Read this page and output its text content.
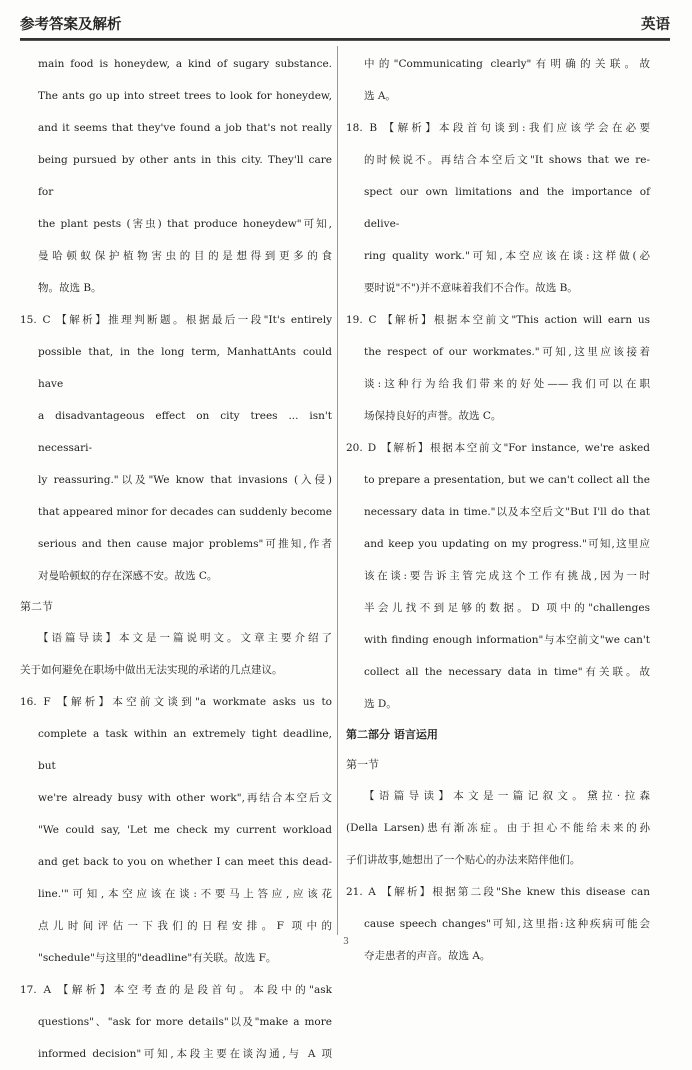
参考答案及解析	英语

main food is honeydew, a kind of sugary substance.

The ants go up into street trees to look for honeydew,

and it seems that they've found a job that's not really

being pursued by other ants in this city. They'll care for

the plant pests (害虫) that produce honeydew"可知,

曼哈顿蚁保护植物害虫的目的是想得到更多的食

物。故选 B。

15. C 【解析】推理判断题。根据最后一段"It's entirely

possible that, in the long term, ManhattAnts could have

a disadvantageous effect on city trees ... isn't necessari-

ly reassuring."以及"We know that invasions (入侵)

that appeared minor for decades can suddenly become

serious and then cause major problems"可推知,作者

对曼哈顿蚁的存在深感不安。故选 C。

第二节

【语篇导读】本文是一篇说明文。文章主要介绍了

关于如何避免在职场中做出无法实现的承诺的几点建议。

16. F 【解析】本空前文谈到"a workmate asks us to

complete a task within an extremely tight deadline, but

we're already busy with other work",再结合本空后文

"We could say, 'Let me check my current workload

and get back to you on whether I can meet this dead-

line.'"可知,本空应该在谈:不要马上答应,应该花

点儿时间评估一下我们的日程安排。F 项中的

"schedule"与这里的"deadline"有关联。故选 F。

17. A 【解析】本空考查的是段首句。本段中的"ask

questions"、"ask for more details"以及"make a more

informed decision"可知,本段主要在谈沟通,与 A 项

中的"Communicating clearly"有明确的关联。故

选 A。

18. B 【解析】本段首句谈到:我们应该学会在必要

的时候说不。再结合本空后文"It shows that we re-

spect our own limitations and the importance of delive-

ring quality work."可知,本空应该在谈:这样做(必

要时说"不")并不意味着我们不合作。故选 B。

19. C 【解析】根据本空前文"This action will earn us

the respect of our workmates."可知,这里应该接着

谈:这种行为给我们带来的好处——我们可以在职

场保持良好的声誉。故选 C。

20. D 【解析】根据本空前文"For instance, we're asked

to prepare a presentation, but we can't collect all the

necessary data in time."以及本空后文"But I'll do that

and keep you updating on my progress."可知,这里应

该在谈:要告诉主管完成这个工作有挑战,因为一时

半会儿找不到足够的数据。D 项中的"challenges

with finding enough information"与本空前文"we can't

collect all the necessary data in time"有关联。故

选 D。

第二部分 语言运用

第一节

【语篇导读】本文是一篇记叙文。黛拉·拉森

(Della Larsen)患有渐冻症。由于担心不能给未来的孙

子们讲故事,她想出了一个贴心的办法来陪伴他们。

21. A 【解析】根据第二段"She knew this disease can

cause speech changes"可知,这里指:这种疾病可能会

夺走患者的声音。故选 A。

3
